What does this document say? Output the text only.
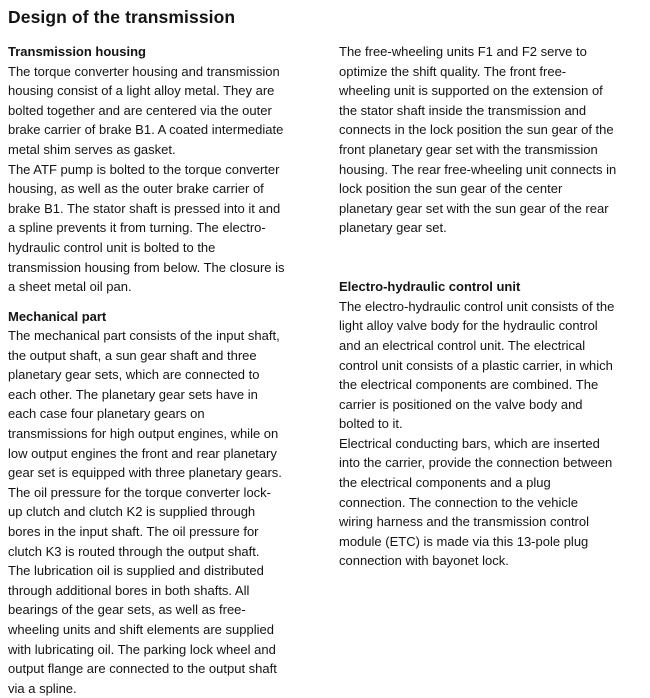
Design of the transmission
Transmission housing
The torque converter housing and transmission
housing consist of a light alloy metal. They are
bolted together and are centered via the outer
brake carrier of brake B1. A coated intermediate
metal shim serves as gasket.
The ATF pump is bolted to the torque converter
housing, as well as the outer brake carrier of
brake B1. The stator shaft is pressed into it and
a spline prevents it from turning. The electro-
hydraulic control unit is bolted to the
transmission housing from below. The closure is
a sheet metal oil pan.
Mechanical part
The mechanical part consists of the input shaft,
the output shaft, a sun gear shaft and three
planetary gear sets, which are connected to
each other. The planetary gear sets have in
each case four planetary gears on
transmissions for high output engines, while on
low output engines the front and rear planetary
gear set is equipped with three planetary gears.
The oil pressure for the torque converter lock-
up clutch and clutch K2 is supplied through
bores in the input shaft. The oil pressure for
clutch K3 is routed through the output shaft.
The lubrication oil is supplied and distributed
through additional bores in both shafts. All
bearings of the gear sets, as well as free-
wheeling units and shift elements are supplied
with lubricating oil. The parking lock wheel and
output flange are connected to the output shaft
via a spline.
The free-wheeling units F1 and F2 serve to
optimize the shift quality. The front free-
wheeling unit is supported on the extension of
the stator shaft inside the transmission and
connects in the lock position the sun gear of the
front planetary gear set with the transmission
housing. The rear free-wheeling unit connects in
lock position the sun gear of the center
planetary gear set with the sun gear of the rear
planetary gear set.
Electro-hydraulic control unit
The electro-hydraulic control unit consists of the
light alloy valve body for the hydraulic control
and an electrical control unit. The electrical
control unit consists of a plastic carrier, in which
the electrical components are combined. The
carrier is positioned on the valve body and
bolted to it.
Electrical conducting bars, which are inserted
into the carrier, provide the connection between
the electrical components and a plug
connection. The connection to the vehicle
wiring harness and the transmission control
module (ETC) is made via this 13-pole plug
connection with bayonet lock.
